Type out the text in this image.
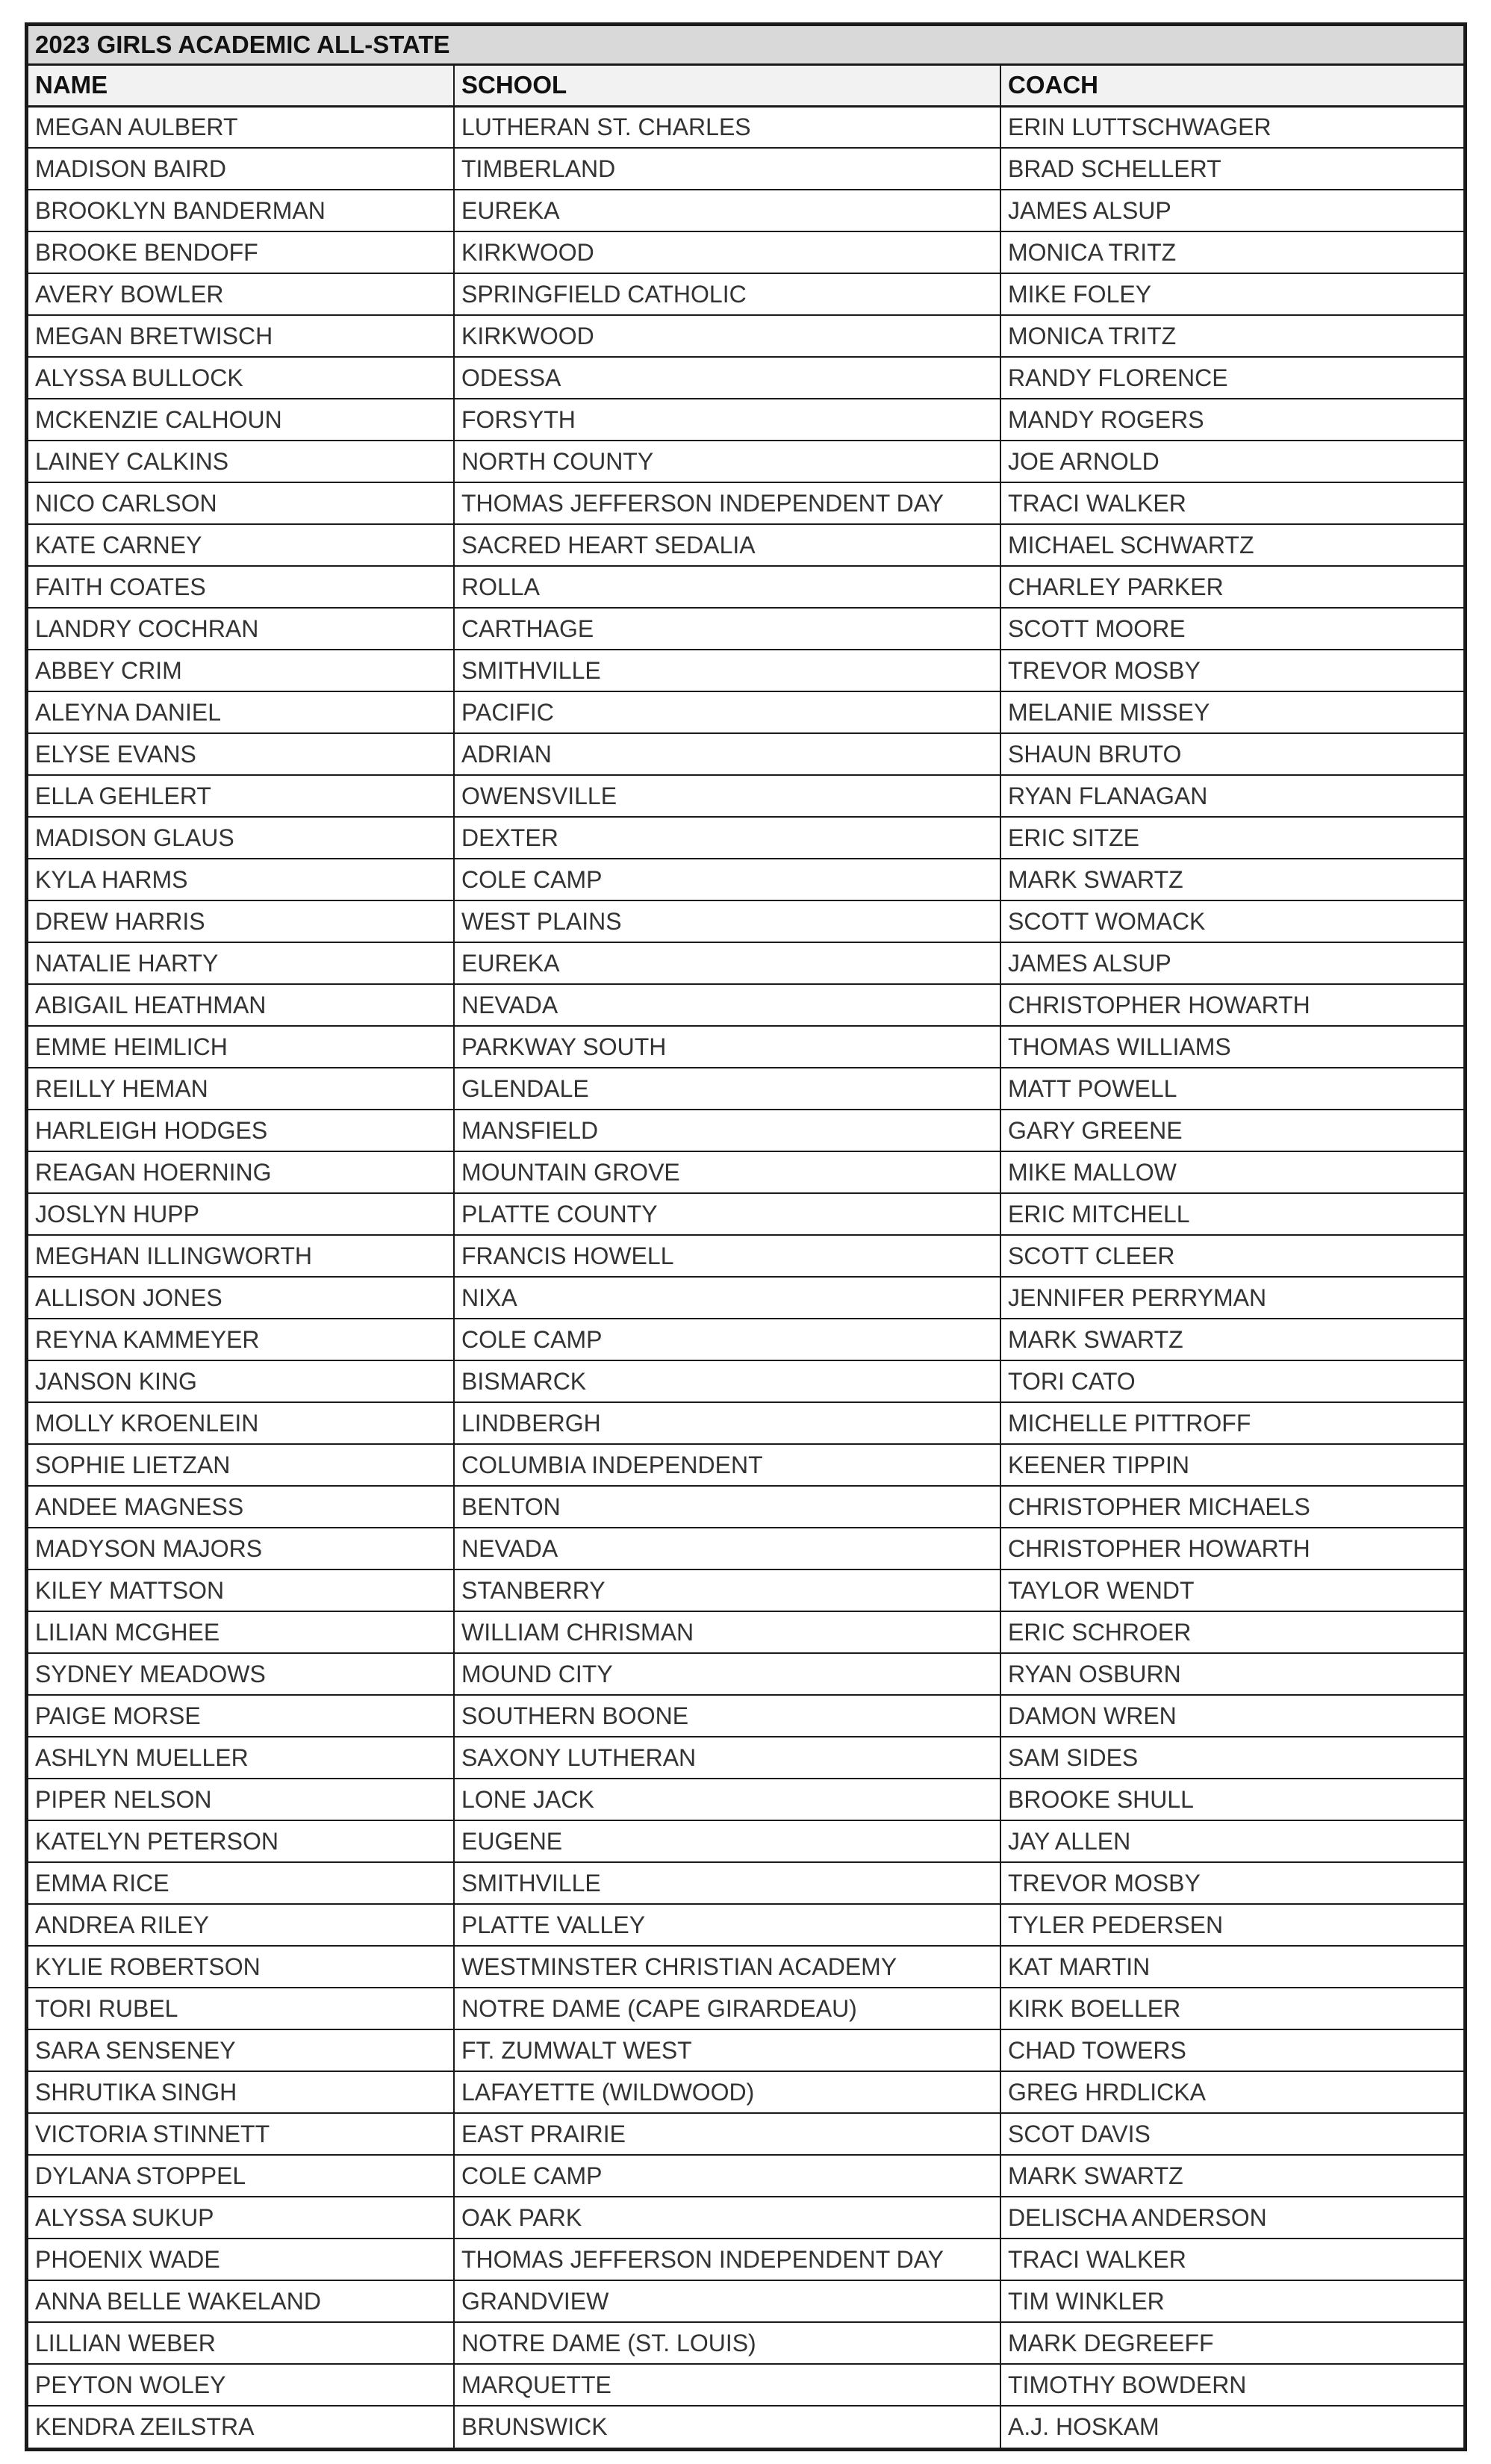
2023 GIRLS ACADEMIC ALL-STATE
NAME	SCHOOL	COACH
MEGAN AULBERT	LUTHERAN ST. CHARLES	ERIN LUTTSCHWAGER
MADISON BAIRD	TIMBERLAND	BRAD SCHELLERT
BROOKLYN BANDERMAN	EUREKA	JAMES ALSUP
BROOKE BENDOFF	KIRKWOOD	MONICA TRITZ
AVERY BOWLER	SPRINGFIELD CATHOLIC	MIKE FOLEY
MEGAN BRETWISCH	KIRKWOOD	MONICA TRITZ
ALYSSA BULLOCK	ODESSA	RANDY FLORENCE
MCKENZIE CALHOUN	FORSYTH	MANDY ROGERS
LAINEY CALKINS	NORTH COUNTY	JOE ARNOLD
NICO CARLSON	THOMAS JEFFERSON INDEPENDENT DAY	TRACI WALKER
KATE CARNEY	SACRED HEART SEDALIA	MICHAEL SCHWARTZ
FAITH COATES	ROLLA	CHARLEY PARKER
LANDRY COCHRAN	CARTHAGE	SCOTT MOORE
ABBEY CRIM	SMITHVILLE	TREVOR MOSBY
ALEYNA DANIEL	PACIFIC	MELANIE MISSEY
ELYSE EVANS	ADRIAN	SHAUN BRUTO
ELLA GEHLERT	OWENSVILLE	RYAN FLANAGAN
MADISON GLAUS	DEXTER	ERIC SITZE
KYLA HARMS	COLE CAMP	MARK SWARTZ
DREW HARRIS	WEST PLAINS	SCOTT WOMACK
NATALIE HARTY	EUREKA	JAMES ALSUP
ABIGAIL HEATHMAN	NEVADA	CHRISTOPHER HOWARTH
EMME HEIMLICH	PARKWAY SOUTH	THOMAS WILLIAMS
REILLY HEMAN	GLENDALE	MATT POWELL
HARLEIGH HODGES	MANSFIELD	GARY GREENE
REAGAN HOERNING	MOUNTAIN GROVE	MIKE MALLOW
JOSLYN HUPP	PLATTE COUNTY	ERIC MITCHELL
MEGHAN ILLINGWORTH	FRANCIS HOWELL	SCOTT CLEER
ALLISON JONES	NIXA	JENNIFER PERRYMAN
REYNA KAMMEYER	COLE CAMP	MARK SWARTZ
JANSON KING	BISMARCK	TORI CATO
MOLLY KROENLEIN	LINDBERGH	MICHELLE PITTROFF
SOPHIE LIETZAN	COLUMBIA INDEPENDENT	KEENER TIPPIN
ANDEE MAGNESS	BENTON	CHRISTOPHER MICHAELS
MADYSON MAJORS	NEVADA	CHRISTOPHER HOWARTH
KILEY MATTSON	STANBERRY	TAYLOR WENDT
LILIAN MCGHEE	WILLIAM CHRISMAN	ERIC SCHROER
SYDNEY MEADOWS	MOUND CITY	RYAN OSBURN
PAIGE MORSE	SOUTHERN BOONE	DAMON WREN
ASHLYN MUELLER	SAXONY LUTHERAN	SAM SIDES
PIPER NELSON	LONE JACK	BROOKE SHULL
KATELYN PETERSON	EUGENE	JAY ALLEN
EMMA RICE	SMITHVILLE	TREVOR MOSBY
ANDREA RILEY	PLATTE VALLEY	TYLER PEDERSEN
KYLIE ROBERTSON	WESTMINSTER CHRISTIAN ACADEMY	KAT MARTIN
TORI RUBEL	NOTRE DAME (CAPE GIRARDEAU)	KIRK BOELLER
SARA SENSENEY	FT. ZUMWALT WEST	CHAD TOWERS
SHRUTIKA SINGH	LAFAYETTE (WILDWOOD)	GREG HRDLICKA
VICTORIA STINNETT	EAST PRAIRIE	SCOT DAVIS
DYLANA STOPPEL	COLE CAMP	MARK SWARTZ
ALYSSA SUKUP	OAK PARK	DELISCHA ANDERSON
PHOENIX WADE	THOMAS JEFFERSON INDEPENDENT DAY	TRACI WALKER
ANNA BELLE WAKELAND	GRANDVIEW	TIM WINKLER
LILLIAN WEBER	NOTRE DAME (ST. LOUIS)	MARK DEGREEFF
PEYTON WOLEY	MARQUETTE	TIMOTHY BOWDERN
KENDRA ZEILSTRA	BRUNSWICK	A.J. HOSKAM
